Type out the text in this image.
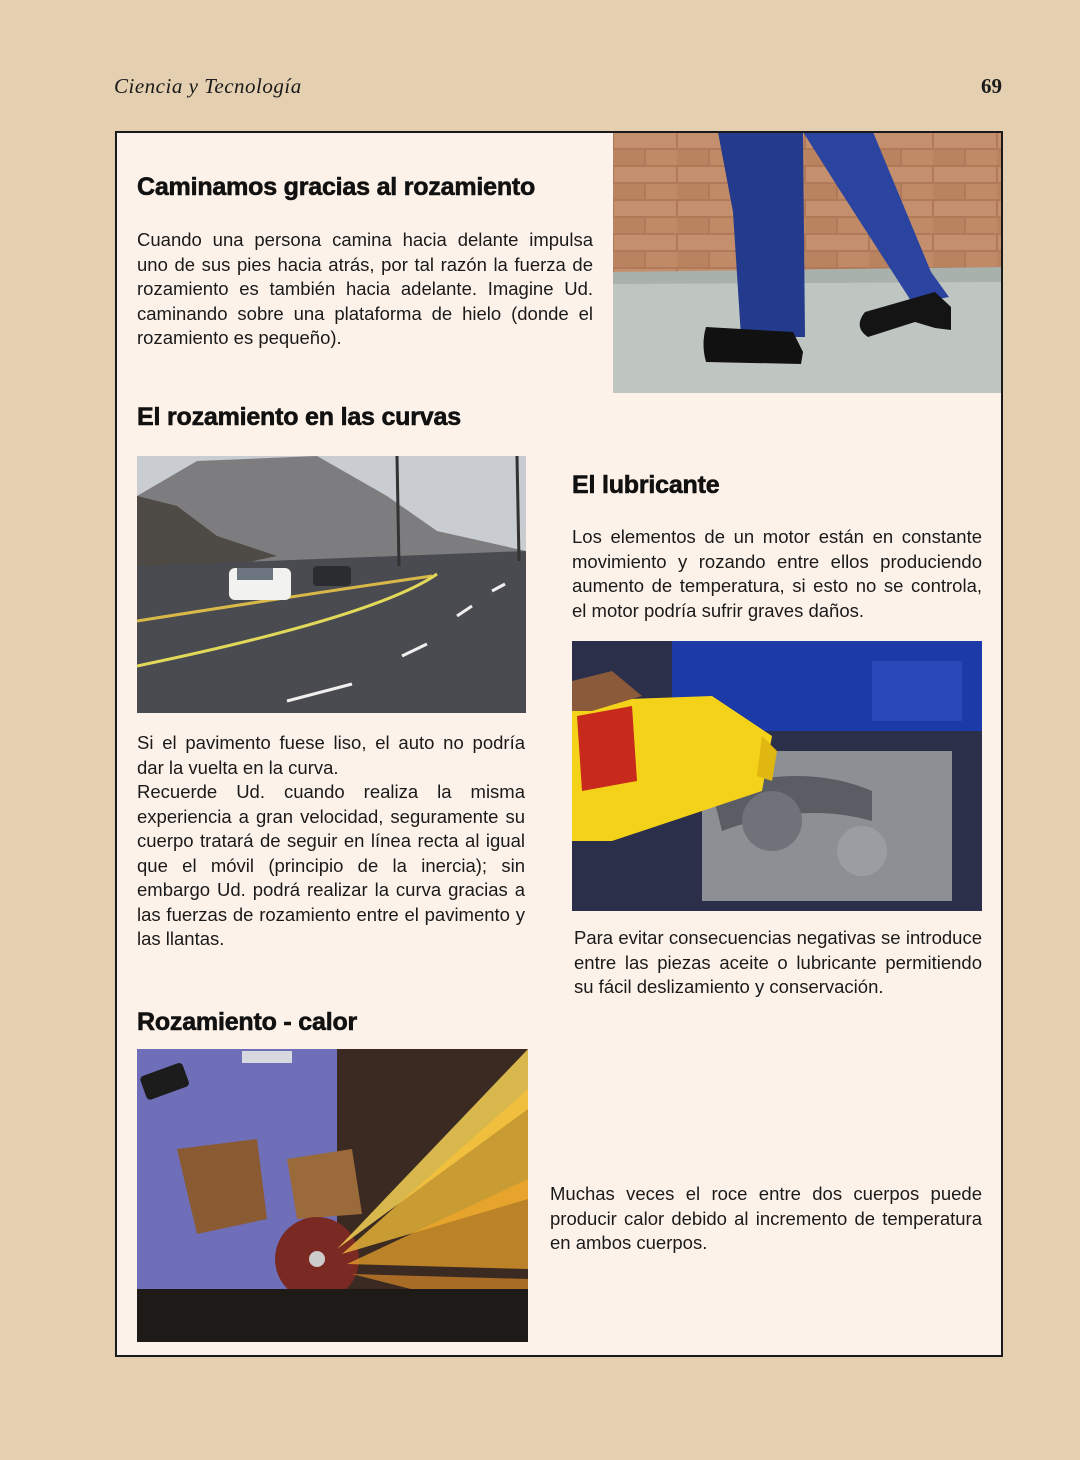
Ciencia y Tecnología	69
Caminamos gracias al rozamiento
Cuando una persona camina hacia delante impulsa uno de sus pies hacia atrás, por tal razón la fuerza de rozamiento es también hacia adelante. Imagine Ud. caminando sobre una plataforma de hielo (donde el rozamiento es pequeño).
El rozamiento en las curvas
Si el pavimento fuese liso, el auto no podría dar la vuelta en la curva.
Recuerde Ud. cuando realiza la misma experiencia a gran velocidad, seguramente su cuerpo tratará de seguir en línea recta al igual que el móvil (principio de la inercia); sin embargo Ud. podrá realizar la curva gracias a las fuerzas de rozamiento entre el pavimento y las llantas.
El lubricante
Los elementos de un motor están en constante movimiento y rozando entre ellos produciendo aumento de temperatura, si esto no se controla, el motor podría sufrir graves daños.
Para evitar consecuencias negativas se introduce entre las piezas aceite o lubricante permitiendo su fácil deslizamiento y conservación.
Rozamiento - calor
Muchas veces el roce entre dos cuerpos puede producir calor debido al incremento de temperatura en ambos cuerpos.
